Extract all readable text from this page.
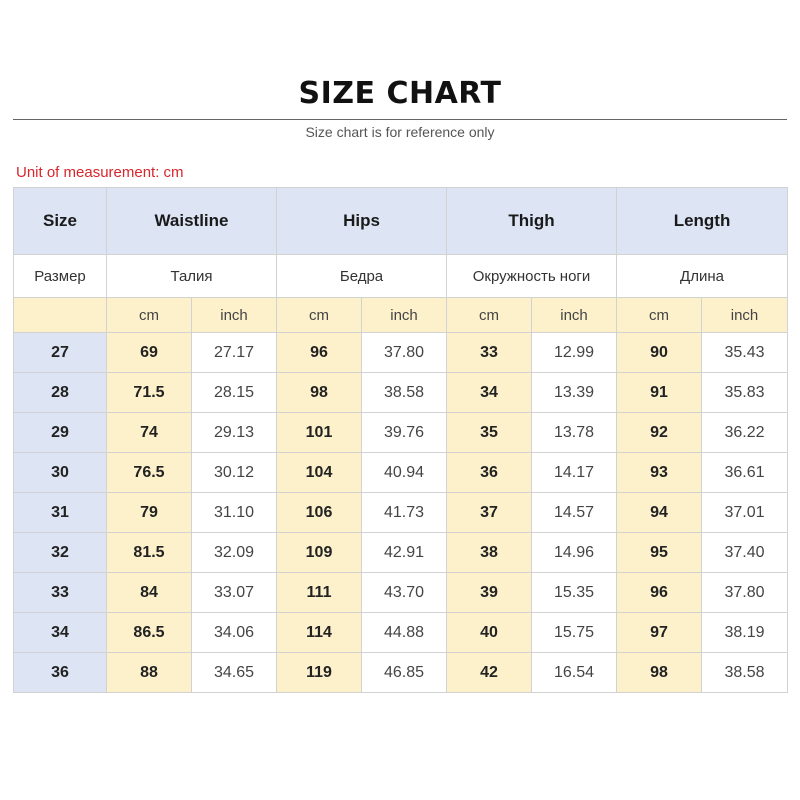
SIZE CHART
Size chart is for reference only
Unit of measurement: cm
Size	Waistline		Hips		Thigh		Length	
Размер	Талия		Бедра		Окружность ноги		Длина	
	cm	inch	cm	inch	cm	inch	cm	inch
27	69	27.17	96	37.80	33	12.99	90	35.43
28	71.5	28.15	98	38.58	34	13.39	91	35.83
29	74	29.13	101	39.76	35	13.78	92	36.22
30	76.5	30.12	104	40.94	36	14.17	93	36.61
31	79	31.10	106	41.73	37	14.57	94	37.01
32	81.5	32.09	109	42.91	38	14.96	95	37.40
33	84	33.07	111	43.70	39	15.35	96	37.80
34	86.5	34.06	114	44.88	40	15.75	97	38.19
36	88	34.65	119	46.85	42	16.54	98	38.58
